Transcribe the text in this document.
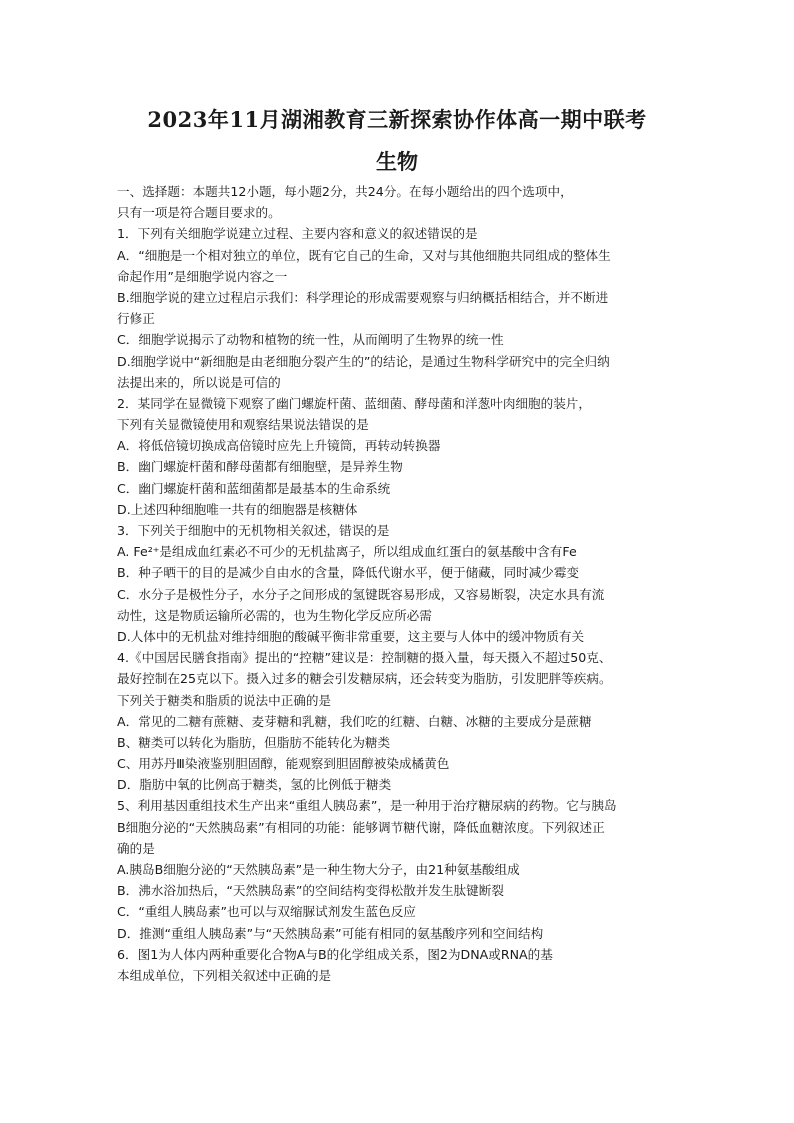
2023年11月湖湘教育三新探索协作体高一期中联考
生物
一、选择题：本题共12小题，每小题2分，共24分。在每小题给出的四个选项中，
只有一项是符合题目要求的。
1．下列有关细胞学说建立过程、主要内容和意义的叙述错误的是
A．“细胞是一个相对独立的单位，既有它自己的生命，又对与其他细胞共同组成的整体生
命起作用”是细胞学说内容之一
B.细胞学说的建立过程启示我们：科学理论的形成需要观察与归纳概括相结合，并不断进
行修正
C．细胞学说揭示了动物和植物的统一性，从而阐明了生物界的统一性
D.细胞学说中“新细胞是由老细胞分裂产生的”的结论，是通过生物科学研究中的完全归纳
法提出来的，所以说是可信的
2．某同学在显微镜下观察了幽门螺旋杆菌、蓝细菌、酵母菌和洋葱叶肉细胞的装片，
下列有关显微镜使用和观察结果说法错误的是
A．将低倍镜切换成高倍镜时应先上升镜筒，再转动转换器
B．幽门螺旋杆菌和酵母菌都有细胞壁，是异养生物
C．幽门螺旋杆菌和蓝细菌都是最基本的生命系统
D.上述四种细胞唯一共有的细胞器是核糖体
3．下列关于细胞中的无机物相关叙述，错误的是
A. Fe²⁺是组成血红素必不可少的无机盐离子，所以组成血红蛋白的氨基酸中含有Fe
B．种子晒干的目的是减少自由水的含量，降低代谢水平，便于储藏，同时减少霉变
C．水分子是极性分子，水分子之间形成的氢键既容易形成，又容易断裂，决定水具有流
动性，这是物质运输所必需的，也为生物化学反应所必需
D.人体中的无机盐对维持细胞的酸碱平衡非常重要，这主要与人体中的缓冲物质有关
4.《中国居民膳食指南》提出的“控糖”建议是：控制糖的摄入量，每天摄入不超过50克、
最好控制在25克以下。摄入过多的糖会引发糖尿病，还会转变为脂肪，引发肥胖等疾病。
下列关于糖类和脂质的说法中正确的是
A．常见的二糖有蔗糖、麦芽糖和乳糖，我们吃的红糖、白糖、冰糖的主要成分是蔗糖
B、糖类可以转化为脂肪，但脂肪不能转化为糖类
C、用苏丹Ⅲ染液鉴别胆固醇，能观察到胆固醇被染成橘黄色
D．脂肪中氧的比例高于糖类，氢的比例低于糖类
5、利用基因重组技术生产出来“重组人胰岛素”，是一种用于治疗糖尿病的药物。它与胰岛
B细胞分泌的“天然胰岛素”有相同的功能：能够调节糖代谢，降低血糖浓度。下列叙述正
确的是
A.胰岛B细胞分泌的“天然胰岛素”是一种生物大分子，由21种氨基酸组成
B．沸水浴加热后，“天然胰岛素”的空间结构变得松散并发生肽键断裂
C．“重组人胰岛素”也可以与双缩脲试剂发生蓝色反应
D．推测“重组人胰岛素”与“天然胰岛素”可能有相同的氨基酸序列和空间结构
6．图1为人体内两种重要化合物A与B的化学组成关系，图2为DNA或RNA的基
本组成单位，下列相关叙述中正确的是
